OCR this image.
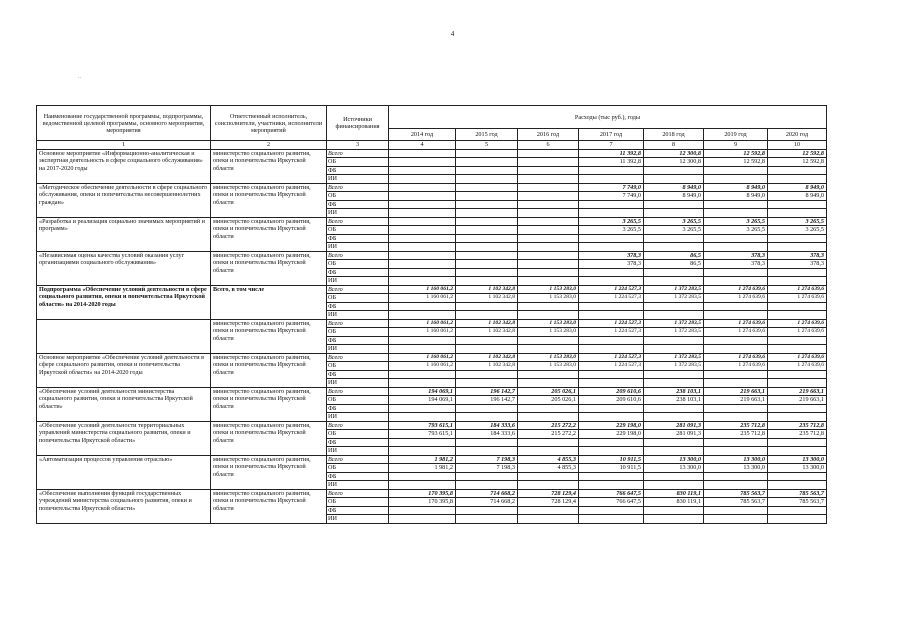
4
..
Наименование государственной программы, подпрограммы, ведомственной целевой программы, основного мероприятия, мероприятия	Ответственный исполнитель, соисполнители, участники, исполнители мероприятий	Источники финансирования	Расходы (тыс руб.), годы						
			2014 год	2015 год	2016 год	2017 год	2018 год	2019 год	2020 год
1	2	3	4	5	6	7	8	9	10
Основное мероприятие «Информационно-аналитическая и экспертная деятельность в сфере социального обслуживания» на 2017-2020 годы	министерство социального развития, опеки и попечительства Иркутской области	Всего				11 392,8	12 300,8	12 592,8	12 592,8
		ОБ				11 392,8	12 300,8	12 592,8	12 592,8
		ФБ							
		ИИ							
«Методическое обеспечение деятельности в сфере социального обслуживания, опеки и попечительства несовершеннолетних граждан»	министерство социального развития, опеки и попечительства Иркутской области	Всего				7 749,0	8 949,0	8 949,0	8 949,0
		ОБ				7 749,0	8 949,0	8 949,0	8 949,0
		ФБ							
		ИИ							
«Разработка и реализация социально значимых мероприятий и программ»	министерство социального развития, опеки и попечительства Иркутской области	Всего				3 265,5	3 265,5	3 265,5	3 265,5
		ОБ				3 265,5	3 265,5	3 265,5	3 265,5
		ФБ							
		ИИ							
«Независимая оценка качества условий оказания услуг организациями социального обслуживания»	министерство социального развития, опеки и попечительства Иркутской области	Всего				378,3	86,5	378,3	378,3
		ОБ				378,3	86,5	378,3	378,3
		ФБ							
		ИИ							
Подпрограмма «Обеспечение условий деятельности в сфере социального развития, опеки и попечительства Иркутской области» на 2014-2020 годы	Всего, в том числе	Всего	1 160 061,2	1 102 342,8	1 153 283,0	1 224 527,3	1 372 283,5	1 274 639,6	1 274 639,6
		ОБ	1 160 061,2	1 102 342,8	1 153 283,0	1 224 527,3	1 372 283,5	1 274 639,6	1 274 639,6
		ФБ							
		ИИ							
	министерство социального развития, опеки и попечительства Иркутской области	Всего	1 160 061,2	1 102 342,8	1 153 283,0	1 224 527,3	1 372 283,5	1 274 639,6	1 274 639,6
		ОБ	1 160 061,2	1 102 342,8	1 153 283,0	1 224 527,3	1 372 283,5	1 274 639,6	1 274 639,6
		ФБ							
		ИИ							
Основное мероприятие «Обеспечение условий деятельности в сфере социального развития, опеки и попечительства Иркутской области» на 2014-2020 годы	министерство социального развития, опеки и попечительства Иркутской области	Всего	1 160 061,2	1 102 342,8	1 153 283,0	1 224 527,3	1 372 283,5	1 274 639,6	1 274 639,6
		ОБ	1 160 061,2	1 102 342,8	1 153 283,0	1 224 527,3	1 372 283,5	1 274 639,6	1 274 639,6
		ФБ							
		ИИ							
«Обеспечение условий деятельности министерства социального развития, опеки и попечительства Иркутской области»	министерство социального развития, опеки и попечительства Иркутской области	Всего	194 069,1	196 142,7	205 026,1	209 610,6	238 103,1	219 663,1	219 663,1
		ОБ	194 069,1	196 142,7	205 026,1	209 610,6	238 103,1	219 663,1	219 663,1
		ФБ							
		ИИ							
«Обеспечение условий деятельности территориальных управлений министерства социального развития, опеки и попечительства Иркутской области»	министерство социального развития, опеки и попечительства Иркутской области	Всего	793 615,1	184 333,6	215 272,2	229 198,0	281 091,3	235 712,8	235 712,8
		ОБ	793 615,1	184 333,6	215 272,2	229 198,0	281 091,3	235 712,8	235 712,8
		ФБ							
		ИИ							
«Автоматизация процессов управления отраслью»	министерство социального развития, опеки и попечительства Иркутской области	Всего	1 981,2	7 198,3	4 855,3	10 911,5	13 300,0	13 300,0	13 300,0
		ОБ	1 981,2	7 198,3	4 855,3	10 911,5	13 300,0	13 300,0	13 300,0
		ФБ							
		ИИ							
«Обеспечение выполнения функций государственных учреждений министерства социального развития, опеки и попечительства Иркутской области»	министерство социального развития, опеки и попечительства Иркутской области	Всего	170 395,8	714 668,2	728 129,4	766 647,5	830 119,1	785 563,7	785 563,7
		ОБ	170 395,8	714 668,2	728 129,4	766 647,5	830 119,1	785 563,7	785 563,7
		ФБ							
		ИИ							
